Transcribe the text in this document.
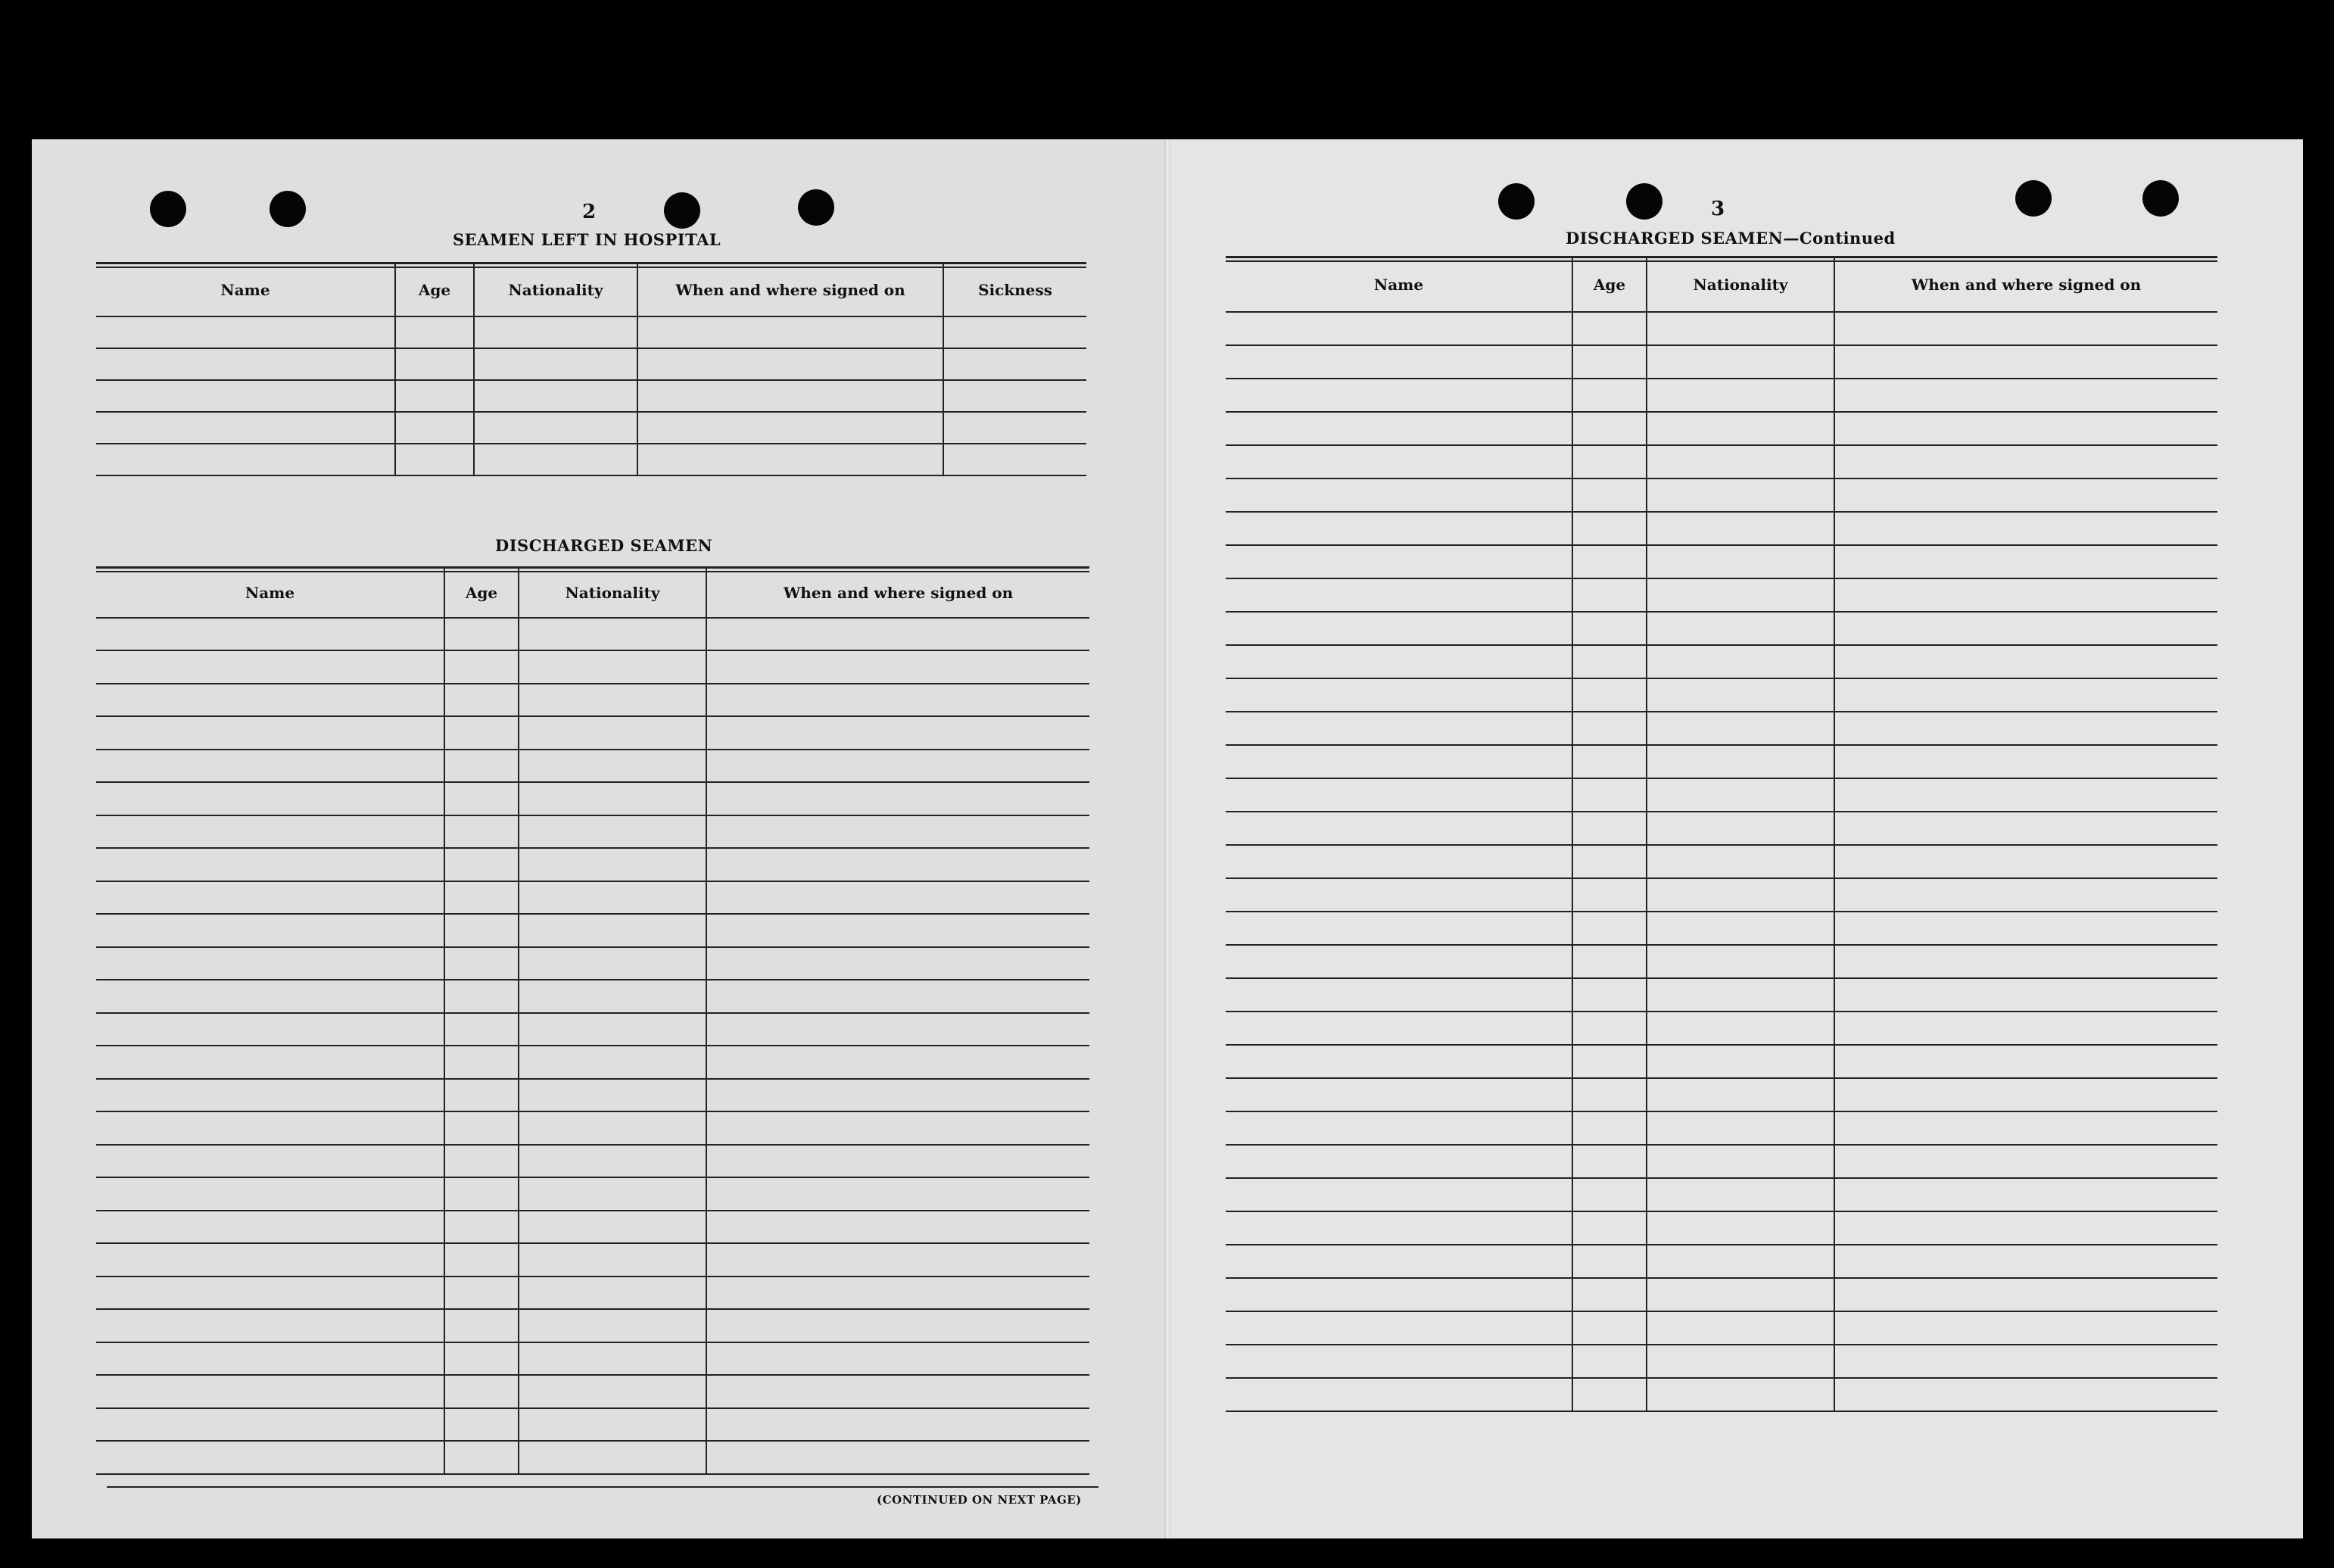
2
SEAMEN LEFT IN HOSPITAL
Name	Age	Nationality	When and where signed on	Sickness

DISCHARGED SEAMEN
Name	Age	Nationality	When and where signed on

(CONTINUED ON NEXT PAGE)
3
DISCHARGED SEAMEN—Continued
Name	Age	Nationality	When and where signed on
